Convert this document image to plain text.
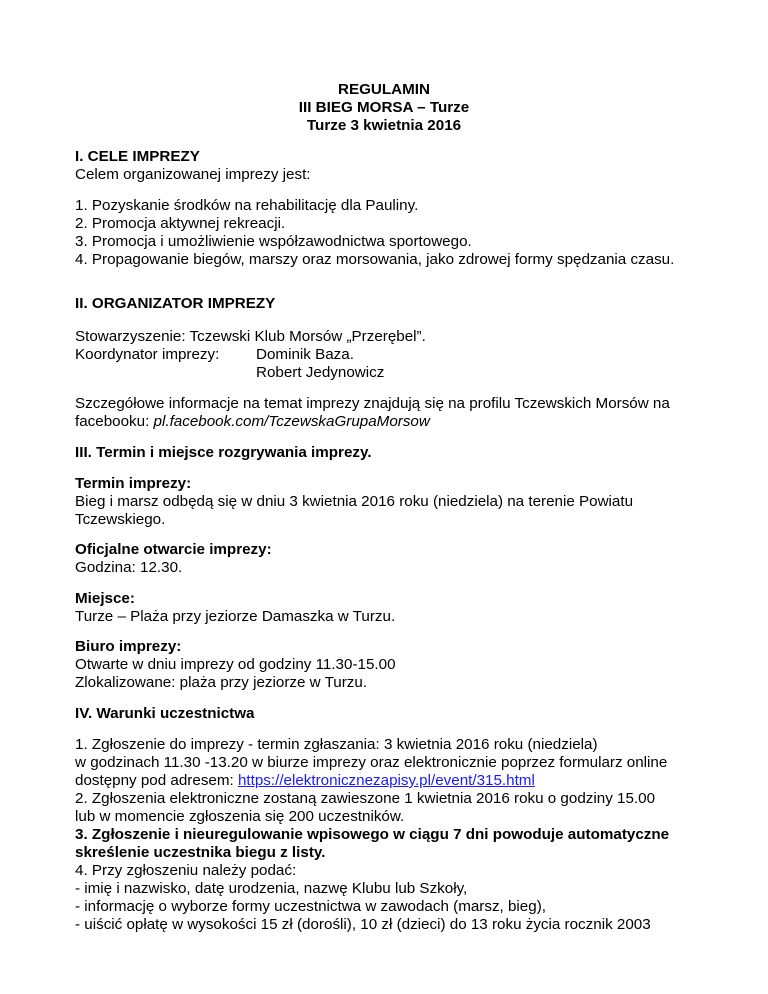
REGULAMIN
III BIEG MORSA – Turze
Turze 3 kwietnia 2016
I. CELE IMPREZY
Celem organizowanej imprezy jest:
1. Pozyskanie środków na rehabilitację dla Pauliny.
2. Promocja aktywnej rekreacji.
3. Promocja i umożliwienie współzawodnictwa sportowego.
4. Propagowanie biegów, marszy oraz morsowania, jako zdrowej formy spędzania czasu.
II. ORGANIZATOR IMPREZY
Stowarzyszenie: Tczewski Klub Morsów „Przerębel”.
Koordynator imprezy: Dominik Baza.
Robert Jedynowicz
Szczegółowe informacje na temat imprezy znajdują się na profilu Tczewskich Morsów na
facebooku: pl.facebook.com/TczewskaGrupaMorsow
III. Termin i miejsce rozgrywania imprezy.
Termin imprezy:
Bieg i marsz odbędą się w dniu 3 kwietnia 2016 roku (niedziela) na terenie Powiatu
Tczewskiego.
Oficjalne otwarcie imprezy:
Godzina: 12.30.
Miejsce:
Turze – Plaża przy jeziorze Damaszka w Turzu.
Biuro imprezy:
Otwarte w dniu imprezy od godziny 11.30-15.00
Zlokalizowane: plaża przy jeziorze w Turzu.
IV. Warunki uczestnictwa
1. Zgłoszenie do imprezy - termin zgłaszania: 3 kwietnia 2016 roku (niedziela)
w godzinach 11.30 -13.20 w biurze imprezy oraz elektronicznie poprzez formularz online
dostępny pod adresem: https://elektronicznezapisy.pl/event/315.html
2. Zgłoszenia elektroniczne zostaną zawieszone 1 kwietnia 2016 roku o godziny 15.00
lub w momencie zgłoszenia się 200 uczestników.
3. Zgłoszenie i nieuregulowanie wpisowego w ciągu 7 dni powoduje automatyczne
skreślenie uczestnika biegu z listy.
4. Przy zgłoszeniu należy podać:
- imię i nazwisko, datę urodzenia, nazwę Klubu lub Szkoły,
- informację o wyborze formy uczestnictwa w zawodach (marsz, bieg),
- uiścić opłatę w wysokości 15 zł (dorośli), 10 zł (dzieci) do 13 roku życia rocznik 2003
